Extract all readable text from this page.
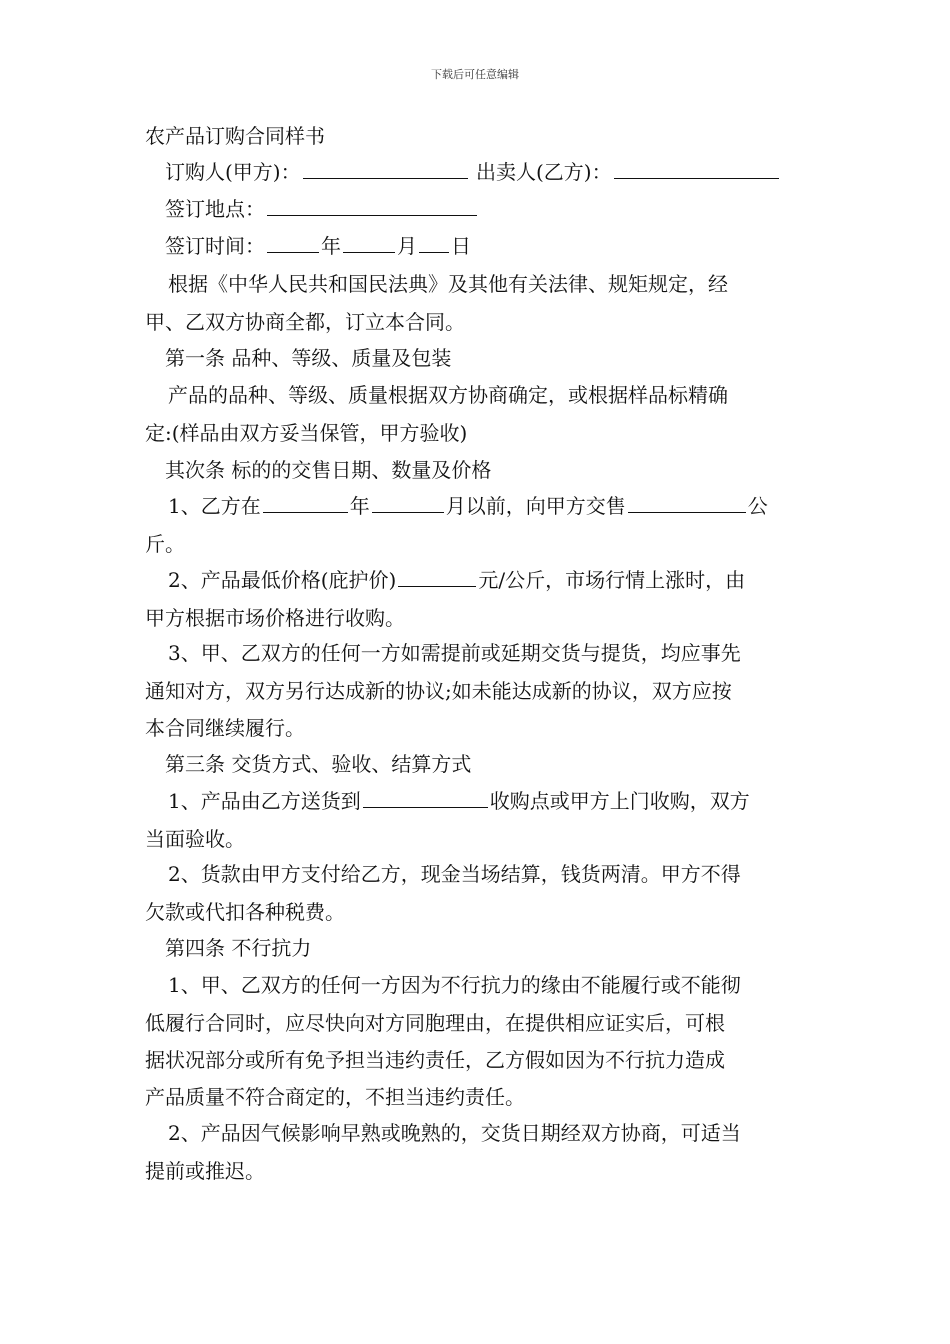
下载后可任意编辑
农产品订购合同样书
订购人(甲方)：	出卖人(乙方)：
签订地点：
签订时间：	年	月 日
根据《中华人民共和国民法典》及其他有关法律、规矩规定，经
甲、乙双方协商全都，订立本合同。
第一条 品种、等级、质量及包装
产品的品种、等级、质量根据双方协商确定，或根据样品标精确
定:(样品由双方妥当保管，甲方验收)
其次条 标的的交售日期、数量及价格
1、乙方在	年	月以前，向甲方交售	公
斤。
2、产品最低价格(庇护价)	元/公斤，市场行情上涨时，由
甲方根据市场价格进行收购。
3、甲、乙双方的任何一方如需提前或延期交货与提货，均应事先
通知对方，双方另行达成新的协议;如未能达成新的协议，双方应按
本合同继续履行。
第三条 交货方式、验收、结算方式
1、产品由乙方送货到	收购点或甲方上门收购，双方
当面验收。
2、货款由甲方支付给乙方，现金当场结算，钱货两清。甲方不得
欠款或代扣各种税费。
第四条 不行抗力
1、甲、乙双方的任何一方因为不行抗力的缘由不能履行或不能彻
低履行合同时，应尽快向对方同胞理由，在提供相应证实后，可根
据状况部分或所有免予担当违约责任，乙方假如因为不行抗力造成
产品质量不符合商定的，不担当违约责任。
2、产品因气候影响早熟或晚熟的，交货日期经双方协商，可适当
提前或推迟。
